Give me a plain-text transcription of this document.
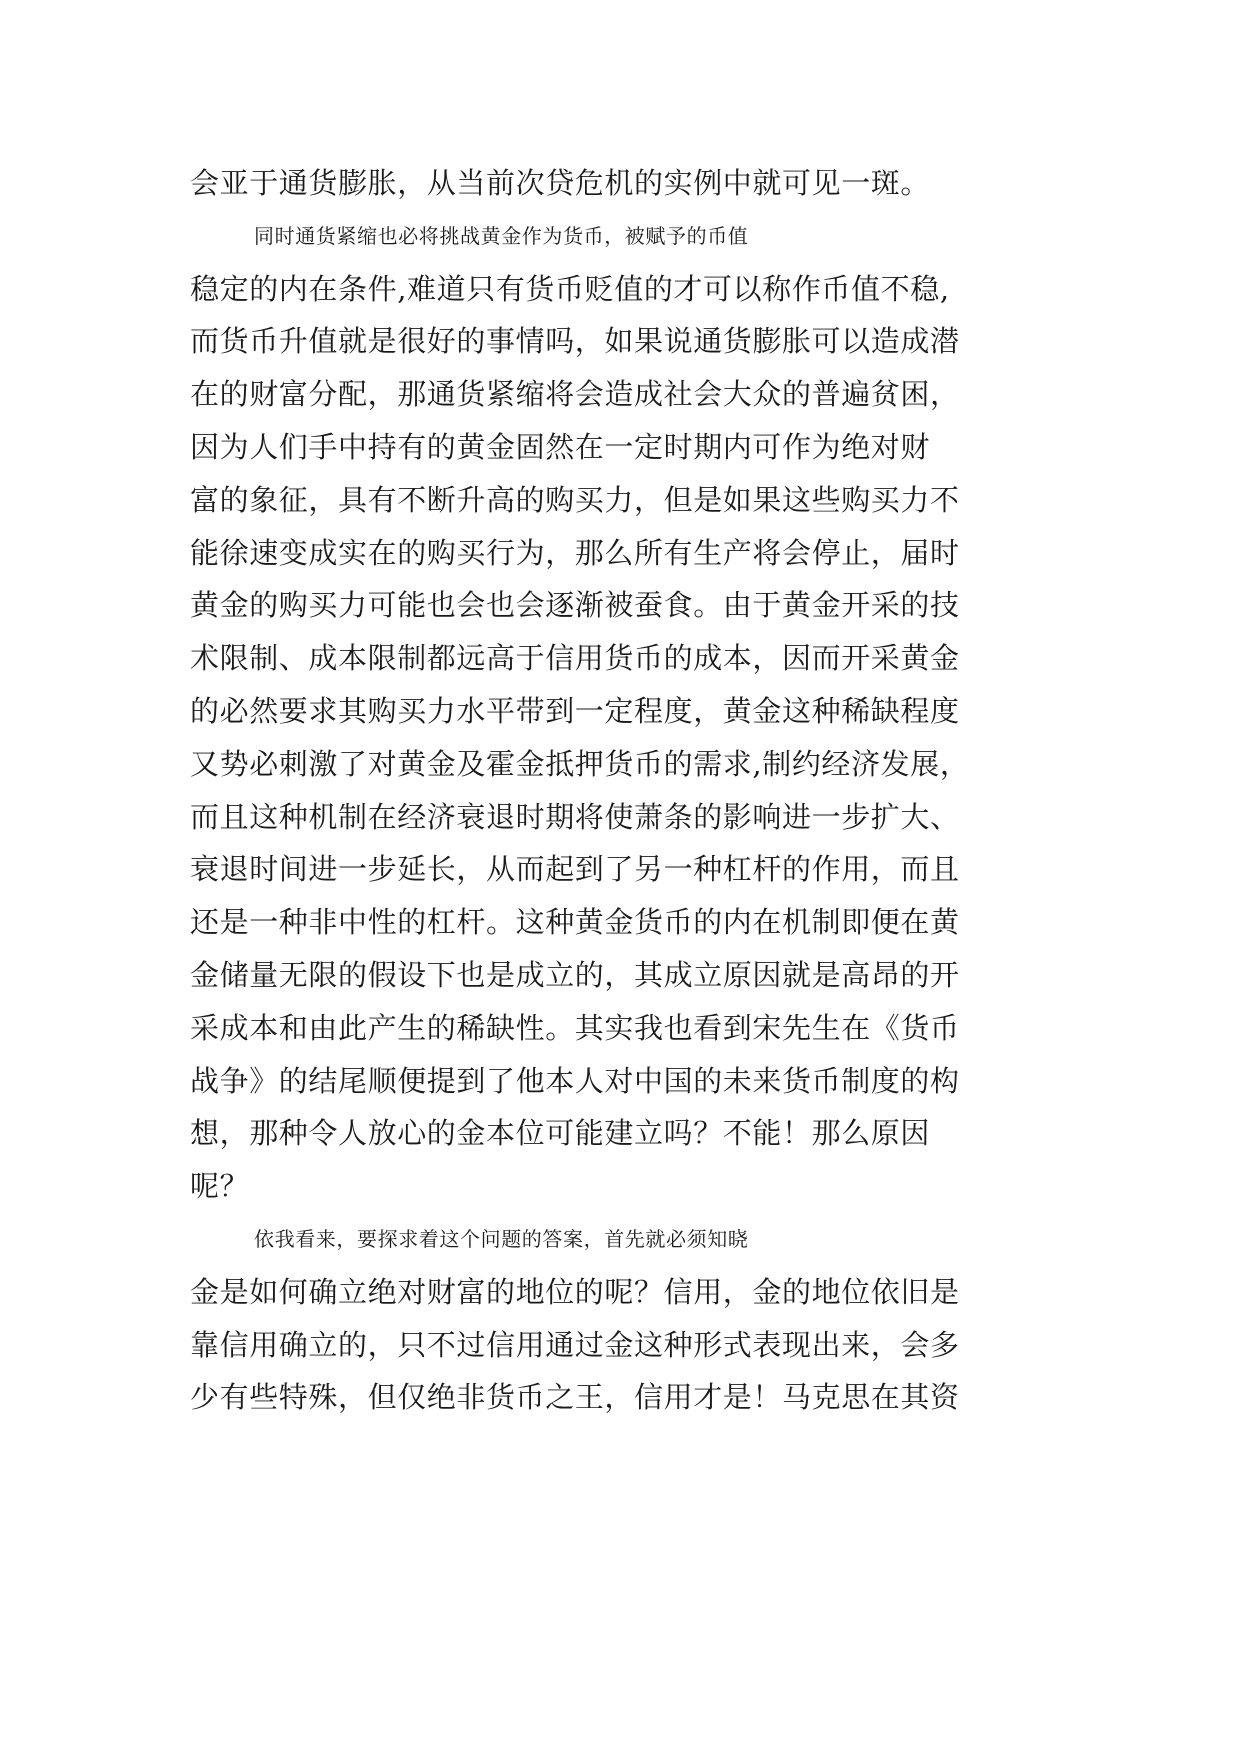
会亚于通货膨胀，从当前次贷危机的实例中就可见一斑。
同时通货紧缩也必将挑战黄金作为货币，被赋予的币值
稳定的内在条件,难道只有货币贬值的才可以称作币值不稳,
而货币升值就是很好的事情吗，如果说通货膨胀可以造成潜
在的财富分配，那通货紧缩将会造成社会大众的普遍贫困，
因为人们手中持有的黄金固然在一定时期内可作为绝对财
富的象征，具有不断升高的购买力，但是如果这些购买力不
能徐速变成实在的购买行为，那么所有生产将会停止，届时
黄金的购买力可能也会也会逐渐被蚕食。由于黄金开采的技
术限制、成本限制都远高于信用货币的成本，因而开采黄金
的必然要求其购买力水平带到一定程度，黄金这种稀缺程度
又势必刺激了对黄金及霍金抵押货币的需求,制约经济发展，
而且这种机制在经济衰退时期将使萧条的影响进一步扩大、
衰退时间进一步延长，从而起到了另一种杠杆的作用，而且
还是一种非中性的杠杆。这种黄金货币的内在机制即便在黄
金储量无限的假设下也是成立的，其成立原因就是高昂的开
采成本和由此产生的稀缺性。其实我也看到宋先生在《货币
战争》的结尾顺便提到了他本人对中国的未来货币制度的构
想，那种令人放心的金本位可能建立吗？不能！那么原因
呢？
依我看来，要探求着这个问题的答案，首先就必须知晓
金是如何确立绝对财富的地位的呢？信用，金的地位依旧是
靠信用确立的，只不过信用通过金这种形式表现出来，会多
少有些特殊，但仅绝非货币之王，信用才是！马克思在其资
